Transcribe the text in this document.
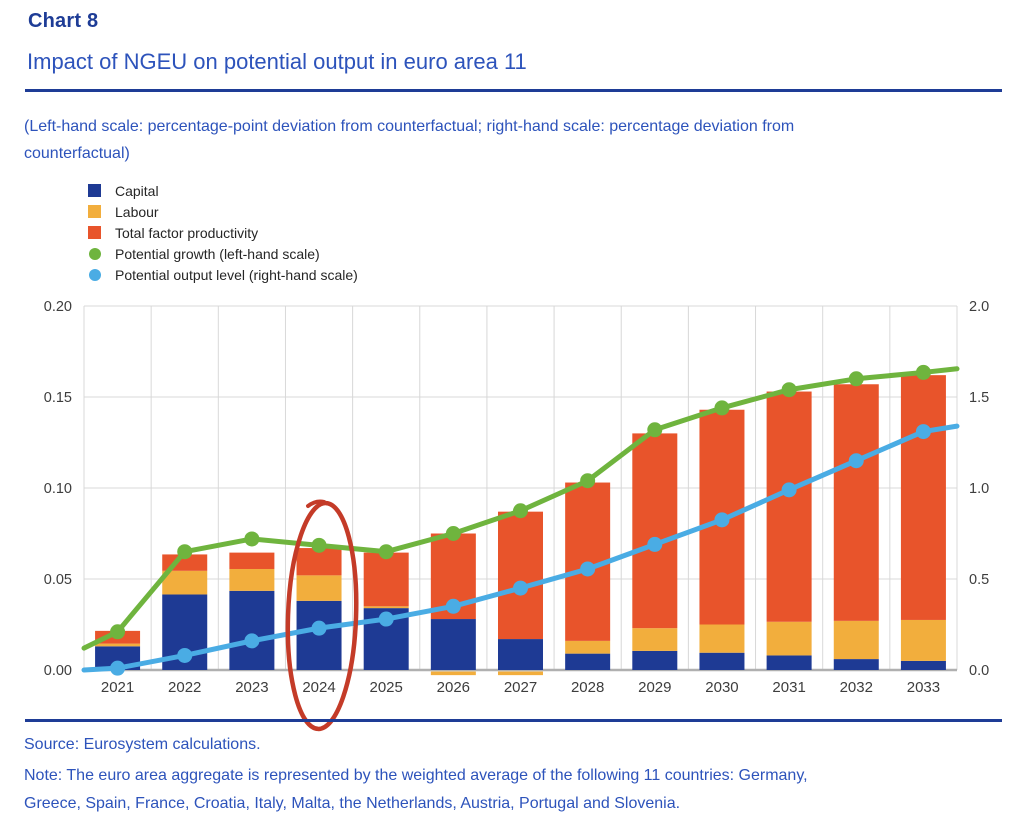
Chart 8
Impact of NGEU on potential output in euro area 11
(Left-hand scale: percentage-point deviation from counterfactual; right-hand scale: percentage deviation from
counterfactual)
Capital
Labour
Total factor productivity
Potential growth (left-hand scale)
Potential output level (right-hand scale)
0.20
0.15
0.10
0.05
0.00
2.0
1.5
1.0
0.5
0.0
2021 2022 2023 2024 2025 2026 2027 2028 2029 2030 2031 2032 2033
Source: Eurosystem calculations.
Note: The euro area aggregate is represented by the weighted average of the following 11 countries: Germany,
Greece, Spain, France, Croatia, Italy, Malta, the Netherlands, Austria, Portugal and Slovenia.
